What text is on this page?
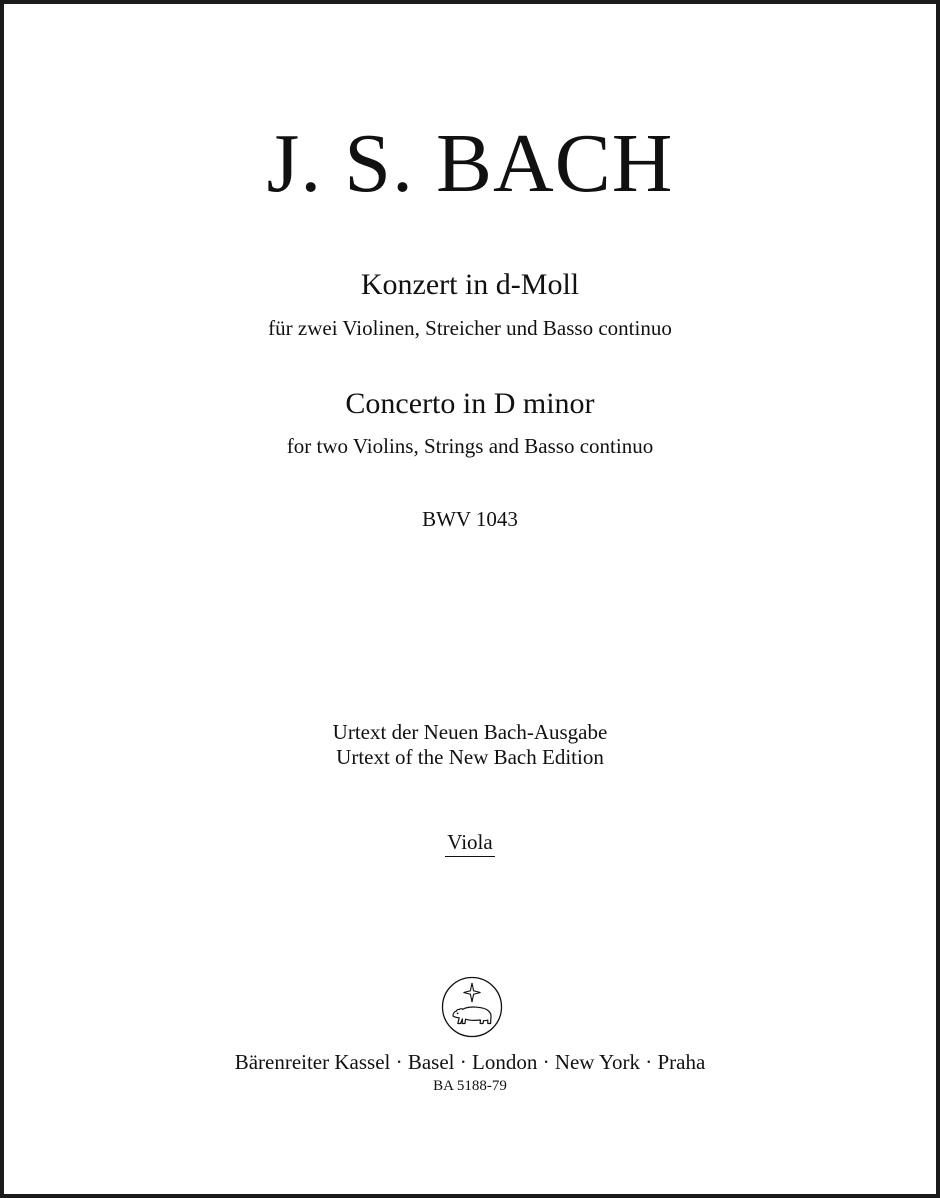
J. S. BACH
Konzert in d-Moll
für zwei Violinen, Streicher und Basso continuo
Concerto in D minor
for two Violins, Strings and Basso continuo
BWV 1043
Urtext der Neuen Bach-Ausgabe
Urtext of the New Bach Edition
Viola
Bärenreiter Kassel · Basel · London · New York · Praha
BA 5188-79
